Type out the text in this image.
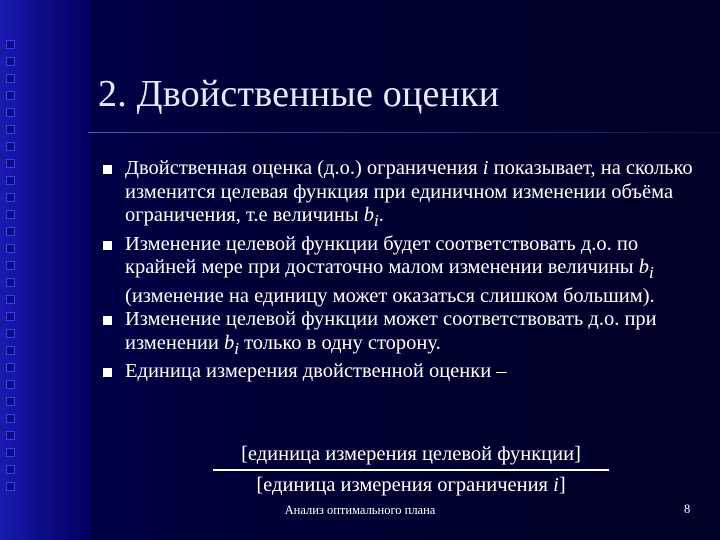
2. Двойственные оценки
Двойственная оценка (д.о.) ограничения i показывает, на сколько изменится целевая функция при единичном изменении объёма ограничения, т.е величины $b_i$.
Изменение целевой функции будет соответствовать д.о. по крайней мере при достаточно малом изменении величины $b_i$ (изменение на единицу может оказаться слишком большим).
Изменение целевой функции может соответствовать д.о. при изменении $b_i$ только в одну сторону.
Единица измерения двойственной оценки –
[единица измерения целевой функции]
[единица измерения ограничения i]
Анализ оптимального плана	8
